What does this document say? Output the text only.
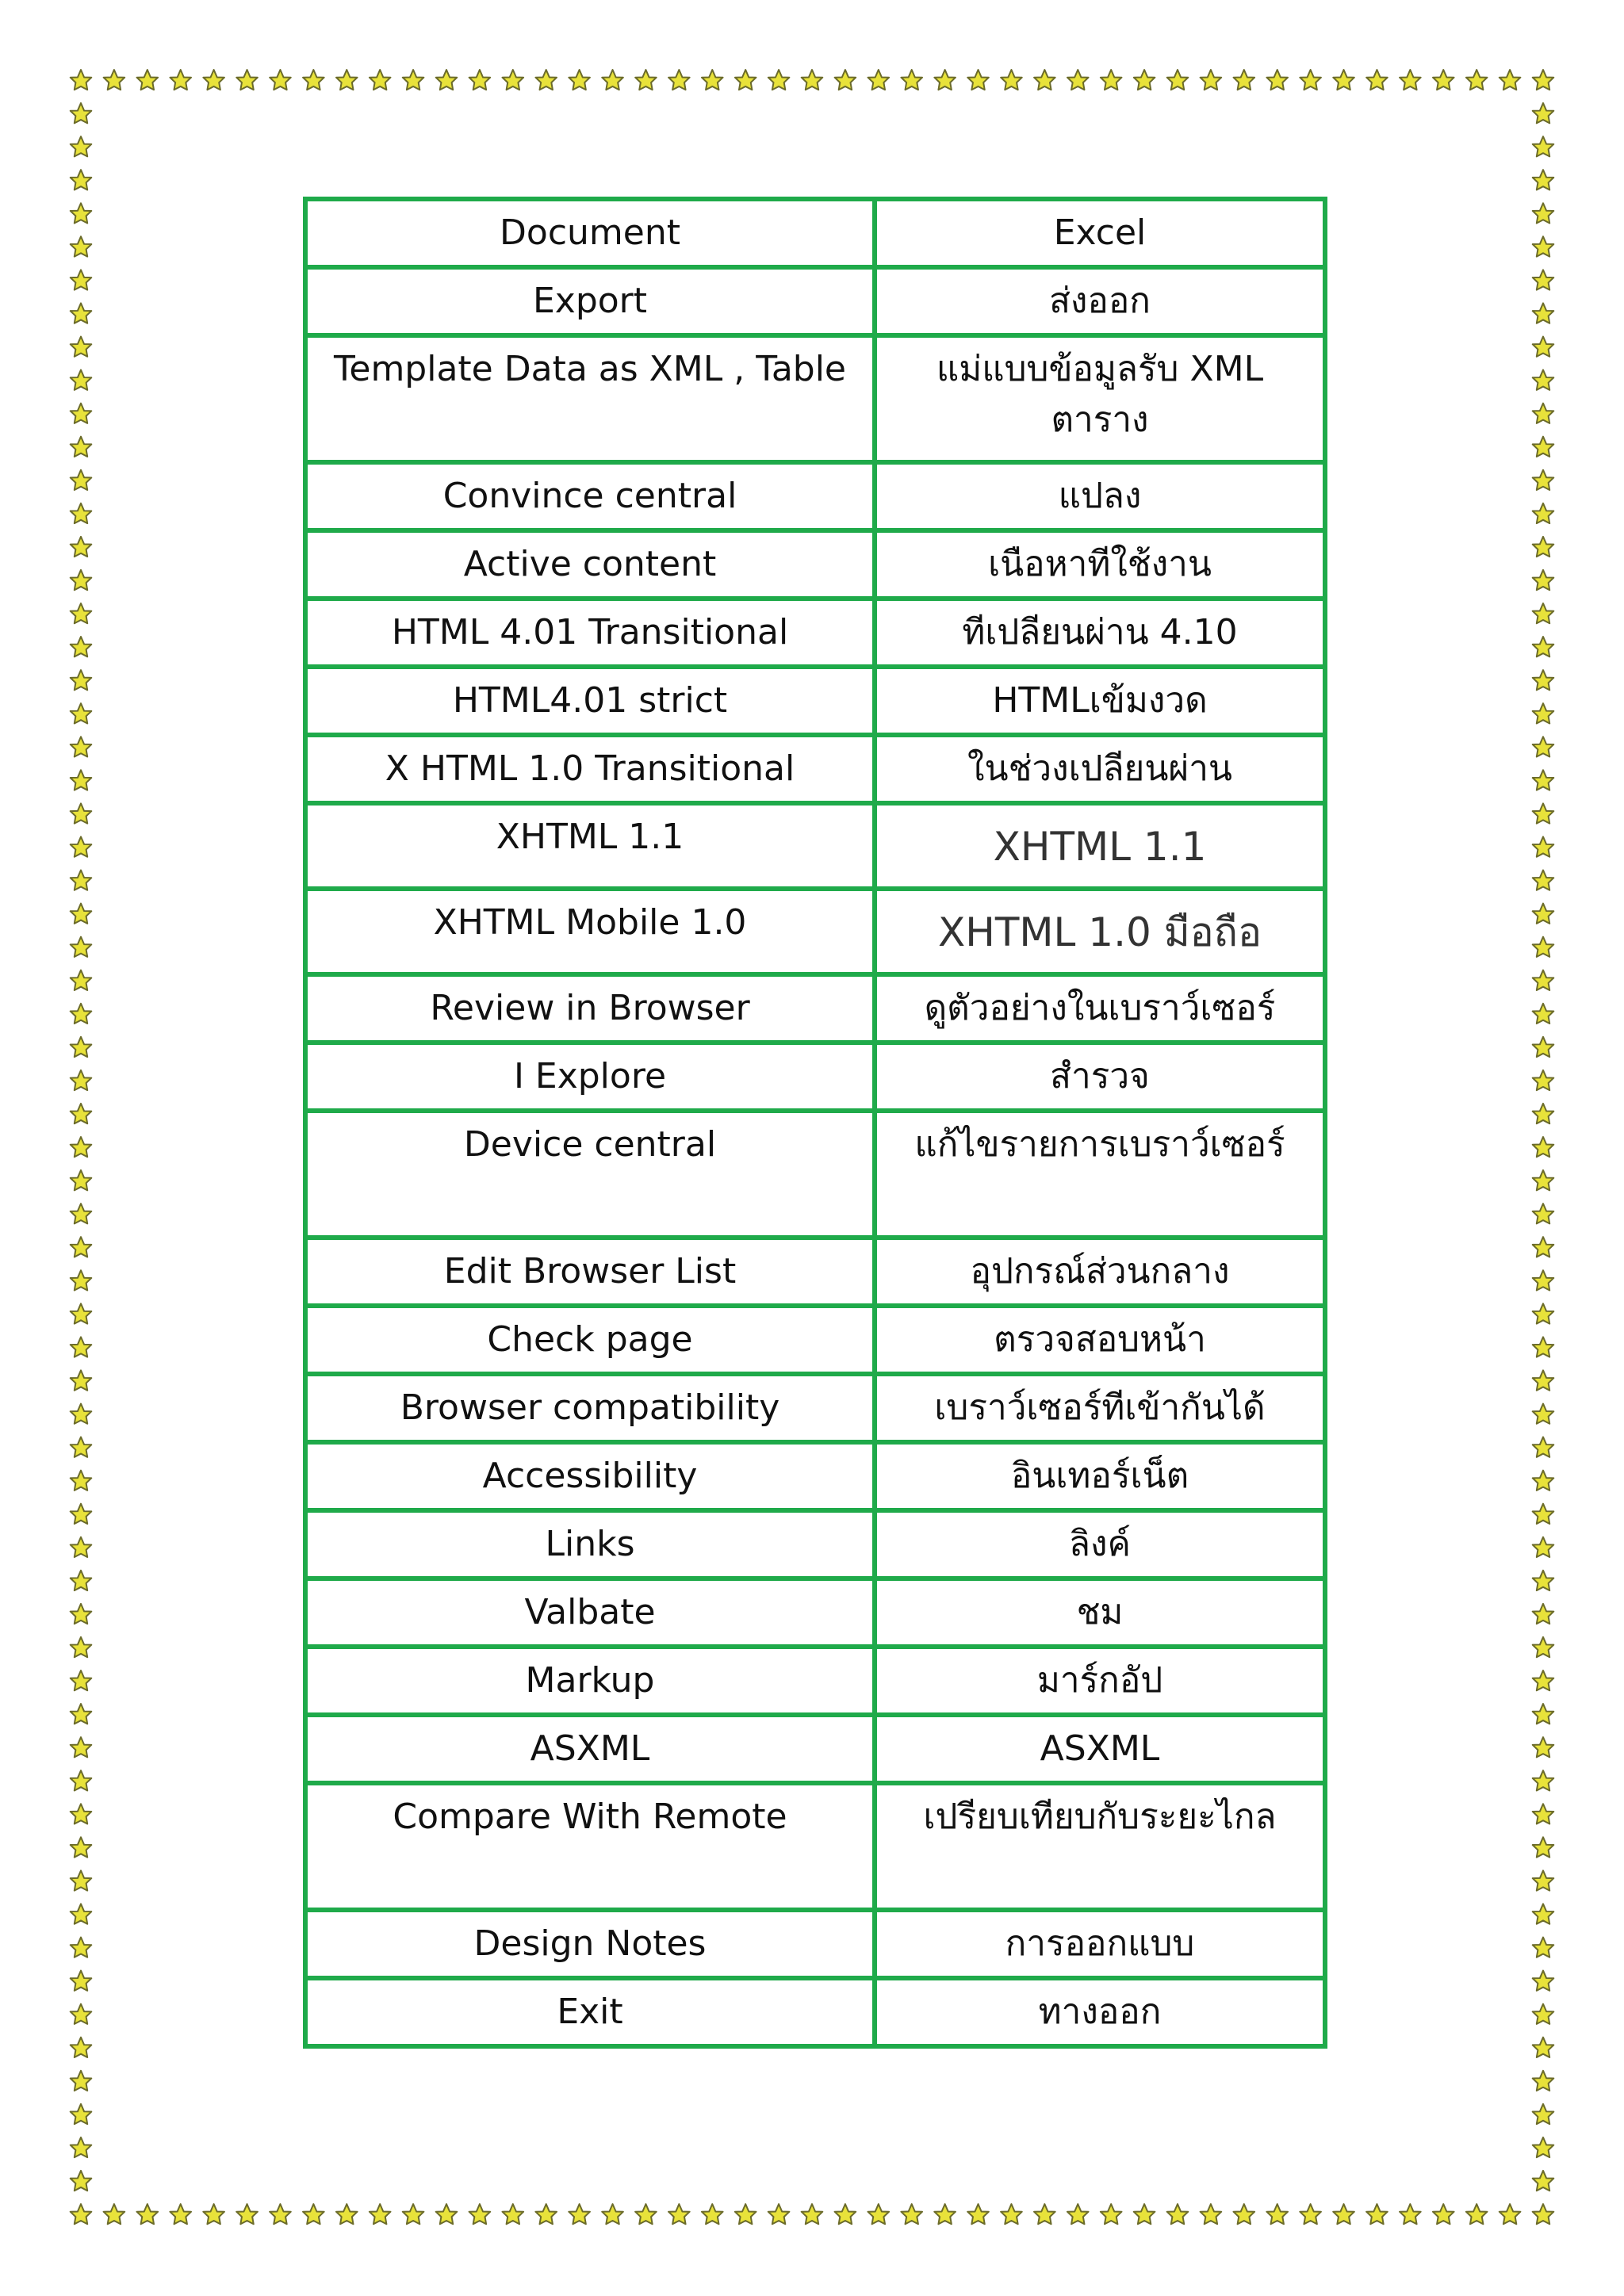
Document	Excel
Export	ส่งออก
Template Data as XML , Table	แม่แบบข้อมูลรับ XML ตาราง
Convince central	แปลง
Active content	เนือหาทีใช้งาน
HTML 4.01 Transitional	ทีเปลียนผ่าน 4.10
HTML4.01 strict	HTMLเข้มงวด
X HTML 1.0 Transitional	ในช่วงเปลียนผ่าน
XHTML 1.1	XHTML 1.1
XHTML Mobile 1.0	XHTML 1.0 มือถือ
Review in Browser	ดูตัวอย่างในเบราว์เซอร์
I Explore	สำรวจ
Device central	แก้ไขรายการเบราว์เซอร์
Edit Browser List	อุปกรณ์ส่วนกลาง
Check page	ตรวจสอบหน้า
Browser compatibility	เบราว์เซอร์ทีเข้ากันได้
Accessibility	อินเทอร์เน็ต
Links	ลิงค์
Valbate	ชม
Markup	มาร์กอัป
ASXML	ASXML
Compare With Remote	เปรียบเทียบกับระยะไกล
Design Notes	การออกแบบ
Exit	ทางออก
